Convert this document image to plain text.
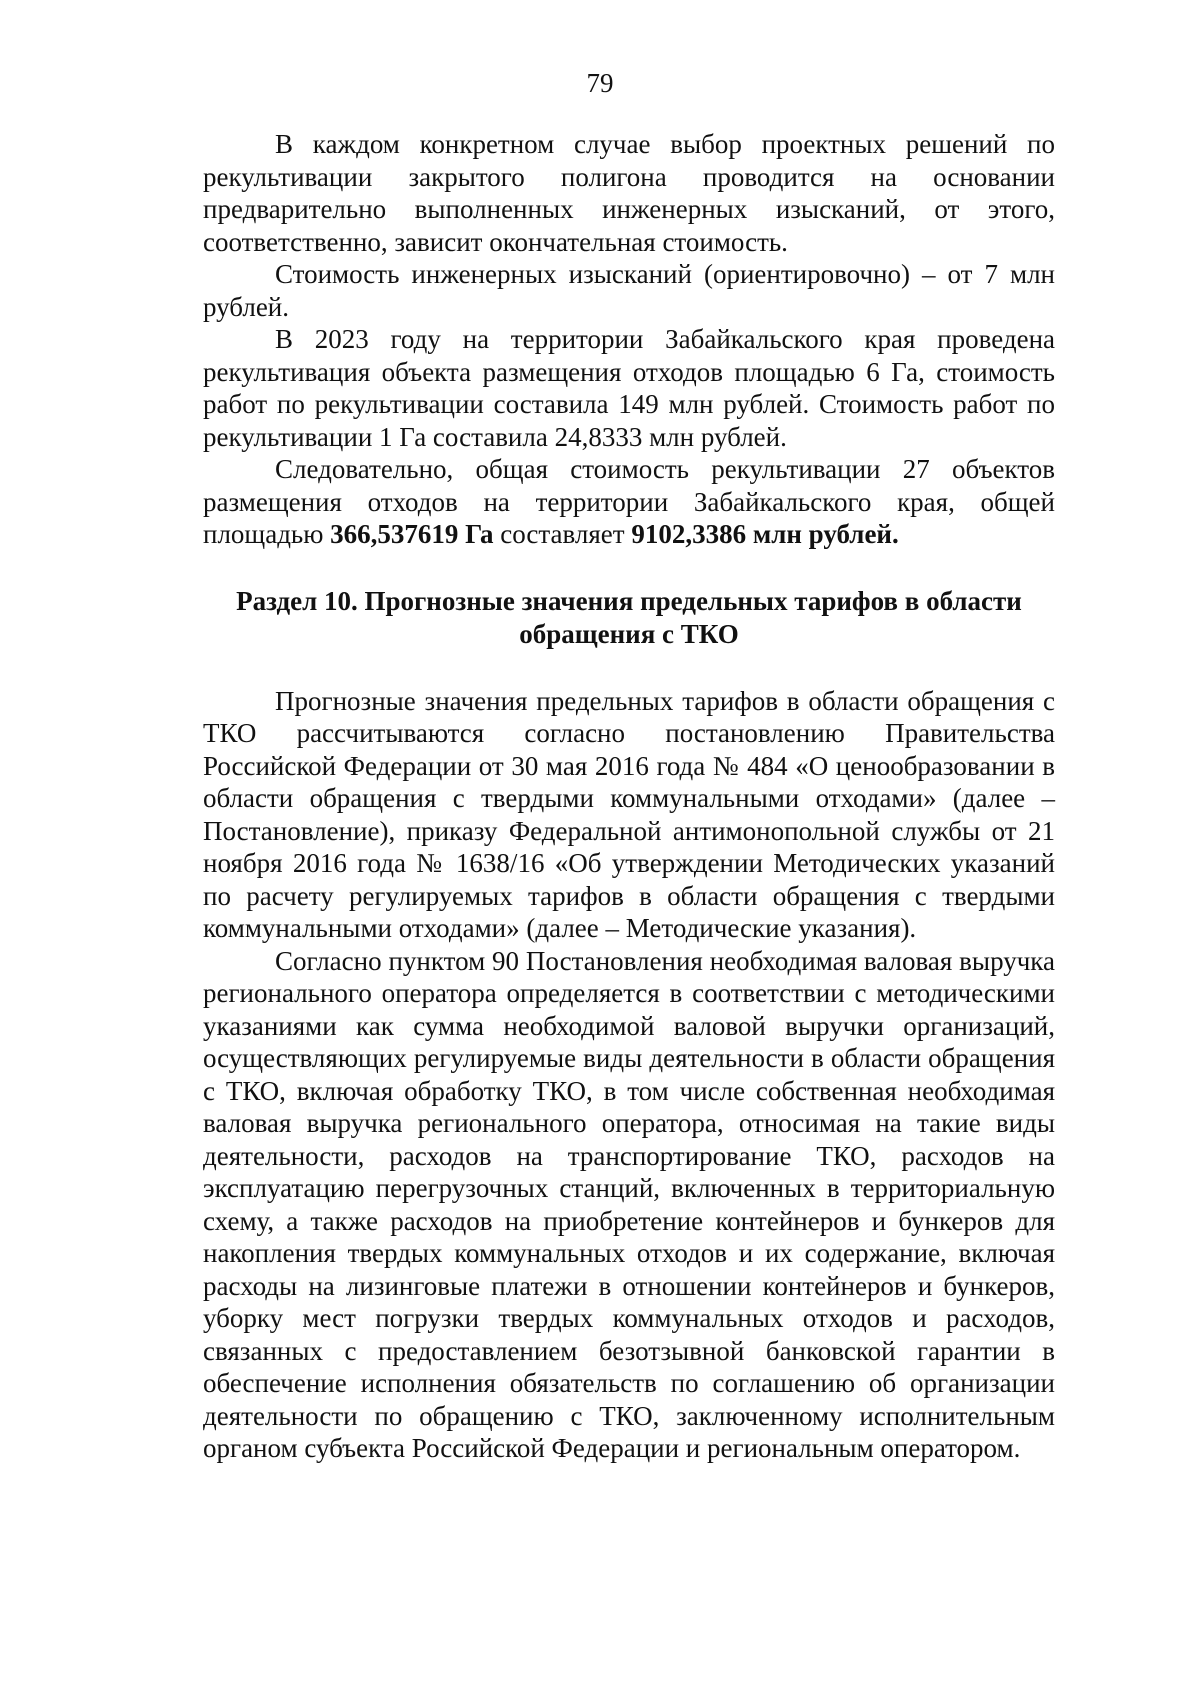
79

В каждом конкретном случае выбор проектных решений по рекультивации закрытого полигона проводится на основании предварительно выполненных инженерных изысканий, от этого, соответственно, зависит окончательная стоимость.

Стоимость инженерных изысканий (ориентировочно) – от 7 млн рублей.

В 2023 году на территории Забайкальского края проведена рекультивация объекта размещения отходов площадью 6 Га, стоимость работ по рекультивации составила 149 млн рублей. Стоимость работ по рекультивации 1 Га составила 24,8333 млн рублей.

Следовательно, общая стоимость рекультивации 27 объектов размещения отходов на территории Забайкальского края, общей площадью 366,537619 Га составляет 9102,3386 млн рублей.

Раздел 10. Прогнозные значения предельных тарифов в области
обращения с ТКО

Прогнозные значения предельных тарифов в области обращения с ТКО рассчитываются согласно постановлению Правительства Российской Федерации от 30 мая 2016 года № 484 «О ценообразовании в области обращения с твердыми коммунальными отходами» (далее – Постановление), приказу Федеральной антимонопольной службы от 21 ноября 2016 года № 1638/16 «Об утверждении Методических указаний по расчету регулируемых тарифов в области обращения с твердыми коммунальными отходами» (далее – Методические указания).

Согласно пунктом 90 Постановления необходимая валовая выручка регионального оператора определяется в соответствии с методическими указаниями как сумма необходимой валовой выручки организаций, осуществляющих регулируемые виды деятельности в области обращения с ТКО, включая обработку ТКО, в том числе собственная необходимая валовая выручка регионального оператора, относимая на такие виды деятельности, расходов на транспортирование ТКО, расходов на эксплуатацию перегрузочных станций, включенных в территориальную схему, а также расходов на приобретение контейнеров и бункеров для накопления твердых коммунальных отходов и их содержание, включая расходы на лизинговые платежи в отношении контейнеров и бункеров, уборку мест погрузки твердых коммунальных отходов и расходов, связанных с предоставлением безотзывной банковской гарантии в обеспечение исполнения обязательств по соглашению об организации деятельности по обращению с ТКО, заключенному исполнительным органом субъекта Российской Федерации и региональным оператором.
